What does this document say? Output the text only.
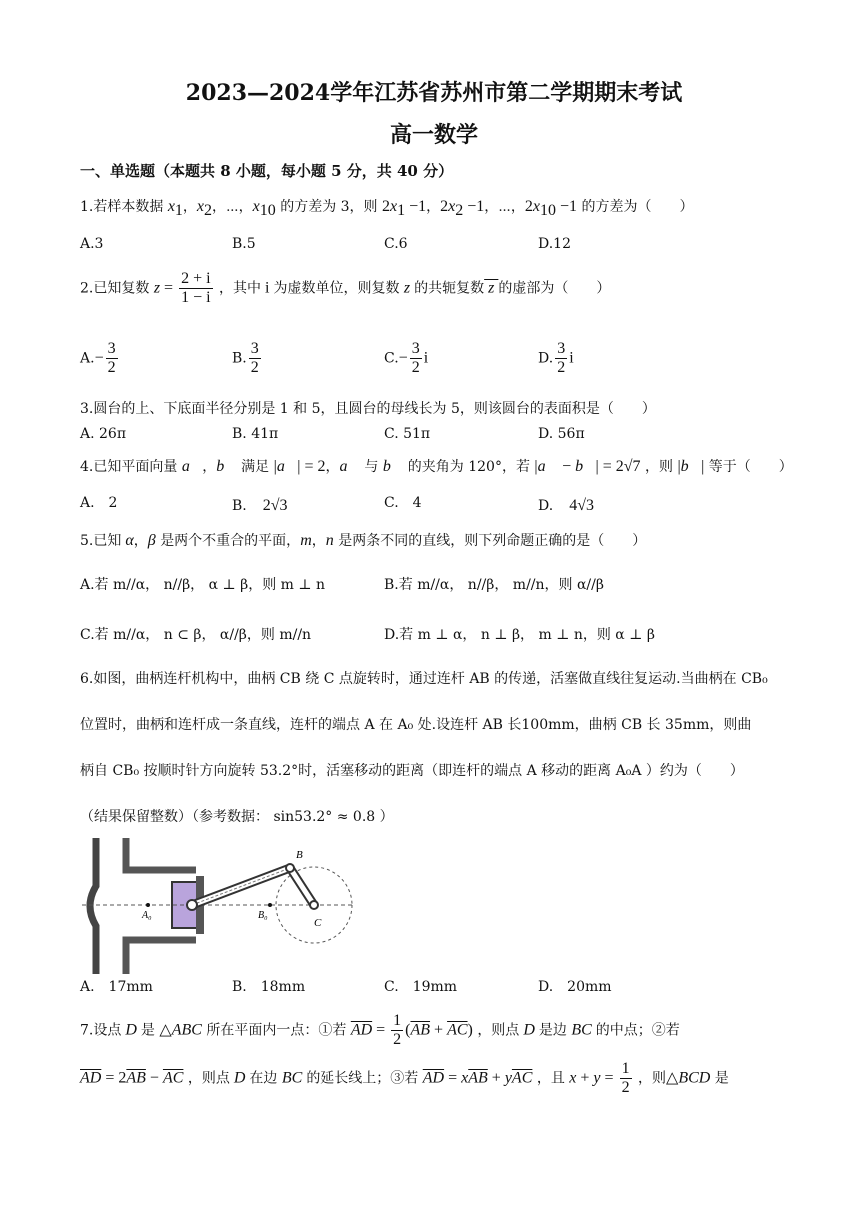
2023—2024学年江苏省苏州市第二学期期末考试
高一数学
一、单选题（本题共 8 小题，每小题 5 分，共 40 分）
1.若样本数据 $x_1$，$x_2$，⋯，$x_{10}$ 的方差为 3，则 $2x_1 -1$，$2x_2 -1$，⋯，$2x_{10} -1$ 的方差为（　　）
A.3	B.5	C.6	D.12
2.已知复数 $z = \frac{2 + i}{1 - i}$ ，其中 i 为虚数单位，则复数 z 的共轭复数 z 的虚部为（　　）
$A.- \frac{3}{2}$	B. $\frac{3}{2}$	$C.- \frac{3}{2}$ i	D. $\frac{3}{2}$ i
3.圆台的上、下底面半径分别是 1 和 5，且圆台的母线长为 5，则该圆台的表面积是（　　）
A. 26π	B. 41π	C. 51π	D. 56π
4.已知平面向量 a⃗，b⃗ 满足 |a⃗| = 2，a⃗ 与 b⃗ 的夹角为 120°，若 |a⃗ − b⃗| = 2√7 ，则 |b⃗| 等于（　　）
A.　2	B.　2√3	C.　4	D.　4√3
5.已知 α，β 是两个不重合的平面，m，n 是两条不同的直线，则下列命题正确的是（　　）
A.若 m//α， n//β， α ⊥ β，则 m ⊥ n	B.若 m//α， n//β， m//n，则 α//β
C.若 m//α， n ⊂ β， α//β，则 m//n	D.若 m ⊥ α， n ⊥ β， m ⊥ n，则 α ⊥ β
6.如图，曲柄连杆机构中，曲柄 CB 绕 C 点旋转时，通过连杆 AB 的传递，活塞做直线往复运动.当曲柄在 CB₀
位置时，曲柄和连杆成一条直线，连杆的端点 A 在 A₀ 处.设连杆 AB 长100mm，曲柄 CB 长 35mm，则曲
柄自 CB₀ 按顺时针方向旋转 53.2°时，活塞移动的距离（即连杆的端点 A 移动的距离 A₀A ）约为（　　）
（结果保留整数）（参考数据： sin53.2° ≈ 0.8 ）
B
A₀	B₀
C
A.　17mm	B.　18mm	C.　19mm	D.　20mm
7.设点 D 是 △ABC 所在平面内一点：①若 $\overline{AD} = \frac{1}{2} (\overline{AB} + \overline{AC})$ ，则点 D 是边 BC 的中点；②若
$\overline{AD} = 2\overline{AB} - \overline{AC}$ ，则点 D 在边 BC 的延长线上；③若 $\overline{AD} = x\overline{AB} + y\overline{AC}$ ，且 $x + y = \frac{1}{2}$ ，则△BCD 是
